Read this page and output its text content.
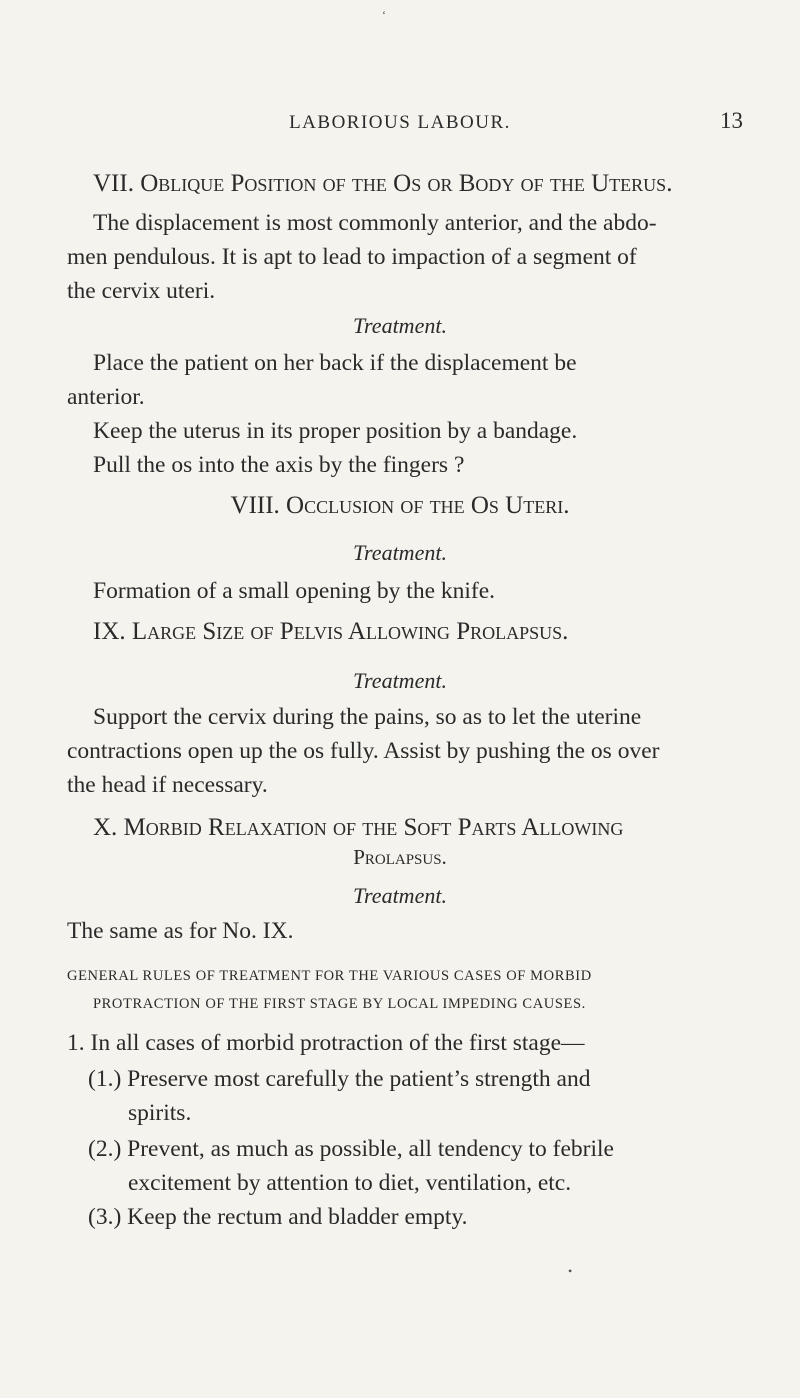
‘
LABORIOUS LABOUR.	13
VII. Oblique Position of the Os or Body of the Uterus.
The displacement is most commonly anterior, and the abdo-
men pendulous. It is apt to lead to impaction of a segment of
the cervix uteri.
Treatment.
Place the patient on her back if the displacement be
anterior.
Keep the uterus in its proper position by a bandage.
Pull the os into the axis by the fingers ?
VIII. Occlusion of the Os Uteri.
Treatment.
Formation of a small opening by the knife.
IX. Large Size of Pelvis Allowing Prolapsus.
Treatment.
Support the cervix during the pains, so as to let the uterine
contractions open up the os fully. Assist by pushing the os over
the head if necessary.
X. Morbid Relaxation of the Soft Parts Allowing
Prolapsus.
Treatment.
The same as for No. IX.
GENERAL RULES OF TREATMENT FOR THE VARIOUS CASES OF MORBID
PROTRACTION OF THE FIRST STAGE BY LOCAL IMPEDING CAUSES.
1. In all cases of morbid protraction of the first stage—
(1.) Preserve most carefully the patient’s strength and
spirits.
(2.) Prevent, as much as possible, all tendency to febrile
excitement by attention to diet, ventilation, etc.
(3.) Keep the rectum and bladder empty.
•
